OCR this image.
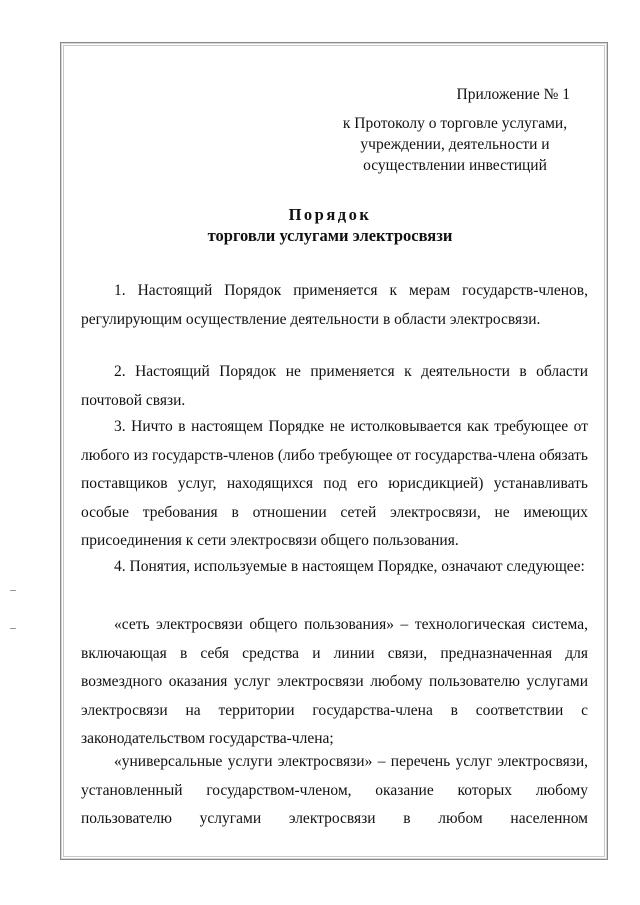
Приложение № 1
к Протоколу о торговле услугами,
учреждении, деятельности и
осуществлении инвестиций
Порядок
торговли услугами электросвязи
1. Настоящий Порядок применяется к мерам государств-членов, регулирующим осуществление деятельности в области электросвязи.
2. Настоящий Порядок не применяется к деятельности в области почтовой связи.
3. Ничто в настоящем Порядке не истолковывается как требующее от любого из государств-членов (либо требующее от государства-члена обязать поставщиков услуг, находящихся под его юрисдикцией) устанавливать особые требования в отношении сетей электросвязи, не имеющих присоединения к сети электросвязи общего пользования.
4. Понятия, используемые в настоящем Порядке, означают следующее:
«сеть электросвязи общего пользования» – технологическая система, включающая в себя средства и линии связи, предназначенная для возмездного оказания услуг электросвязи любому пользователю услугами электросвязи на территории государства-члена в соответствии с законодательством государства-члена;
«универсальные услуги электросвязи» – перечень услуг электросвязи, установленный государством-членом, оказание которых любому пользователю услугами электросвязи в любом населенном
